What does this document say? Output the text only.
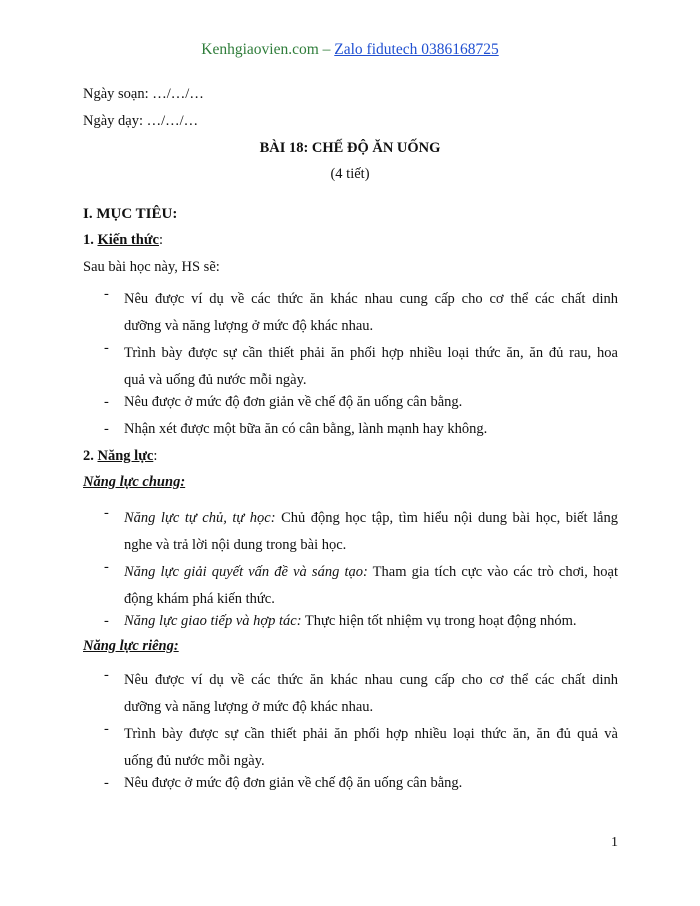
Kenhgiaovien.com – Zalo fidutech 0386168725
Ngày soạn: …/…/…
Ngày dạy: …/…/…
BÀI 18: CHẾ ĐỘ ĂN UỐNG
(4 tiết)
I. MỤC TIÊU:
1. Kiến thức:
Sau bài học này, HS sẽ:
- Nêu được ví dụ về các thức ăn khác nhau cung cấp cho cơ thể các chất dinh
dưỡng và năng lượng ở mức độ khác nhau.
- Trình bày được sự cần thiết phải ăn phối hợp nhiều loại thức ăn, ăn đủ rau, hoa
quả và uống đủ nước mỗi ngày.
- Nêu được ở mức độ đơn giản về chế độ ăn uống cân bằng.
- Nhận xét được một bữa ăn có cân bằng, lành mạnh hay không.
2. Năng lực:
Năng lực chung:
- Năng lực tự chủ, tự học: Chủ động học tập, tìm hiểu nội dung bài học, biết lắng
nghe và trả lời nội dung trong bài học.
- Năng lực giải quyết vấn đề và sáng tạo: Tham gia tích cực vào các trò chơi, hoạt
động khám phá kiến thức.
- Năng lực giao tiếp và hợp tác: Thực hiện tốt nhiệm vụ trong hoạt động nhóm.
Năng lực riêng:
- Nêu được ví dụ về các thức ăn khác nhau cung cấp cho cơ thể các chất dinh
dưỡng và năng lượng ở mức độ khác nhau.
- Trình bày được sự cần thiết phải ăn phối hợp nhiều loại thức ăn, ăn đủ quả và
uống đủ nước mỗi ngày.
- Nêu được ở mức độ đơn giản về chế độ ăn uống cân bằng.
1
